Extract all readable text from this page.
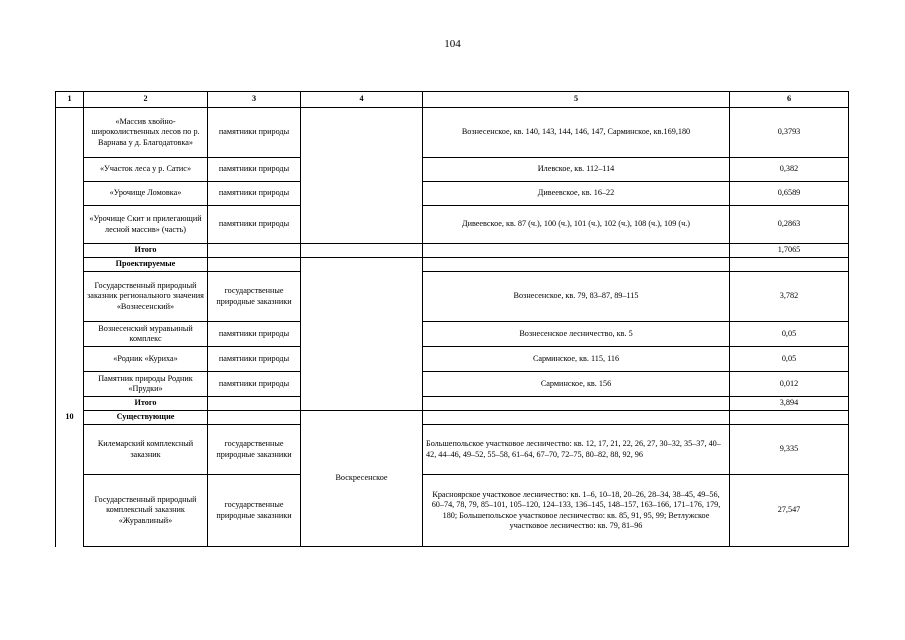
104
1	2	3	4	5	6
	«Массив хвойно-широколиственных лесов по р. Варнава у д. Благодатовка»	памятники природы		Вознесенское, кв. 140, 143, 144, 146, 147, Сарминское, кв.169,180	0,3793
	«Участок леса у р. Сатис»	памятники природы		Илевское, кв. 112–114	0,382
	«Урочище Ломовка»	памятники природы		Дивеевское, кв. 16–22	0,6589
	«Урочище Скит и прилегающий лесной массив» (часть)	памятники природы		Дивеевское, кв. 87 (ч.), 100 (ч.), 101 (ч.), 102 (ч.), 108 (ч.), 109 (ч.)	0,2863
	Итого				1,7065
	Проектируемые				
	Государственный природный заказник регионального значения «Вознесенский»	государственные природные заказники		Вознесенское, кв. 79, 83–87, 89–115	3,782
	Вознесенский муравьиный комплекс	памятники природы		Вознесенское лесничество, кв. 5	0,05
	«Родник «Куриха»	памятники природы		Сарминское, кв. 115, 116	0,05
	Памятник природы Родник «Прудки»	памятники природы		Сарминское, кв. 156	0,012
	Итого				3,894
10	Существующие		Воскресенское		
	Килемарский комплексный заказник	государственные природные заказники		Большепольское участковое лесничество: кв. 12, 17, 21, 22, 26, 27, 30–32, 35–37, 40–42, 44–46, 49–52, 55–58, 61–64, 67–70, 72–75, 80–82, 88, 92, 96	9,335
	Государственный природный комплексный заказник «Журавлиный»	государственные природные заказники		Красноярское участковое лесничество: кв. 1–6, 10–18, 20–26, 28–34, 38–45, 49–56, 60–74, 78, 79, 85–101, 105–120, 124–133, 136–145, 148–157, 163–166, 171–176, 179, 180; Большепольское участковое лесничество: кв. 85, 91, 95, 99; Ветлужское участковое лесничество: кв. 79, 81–96	27,547
